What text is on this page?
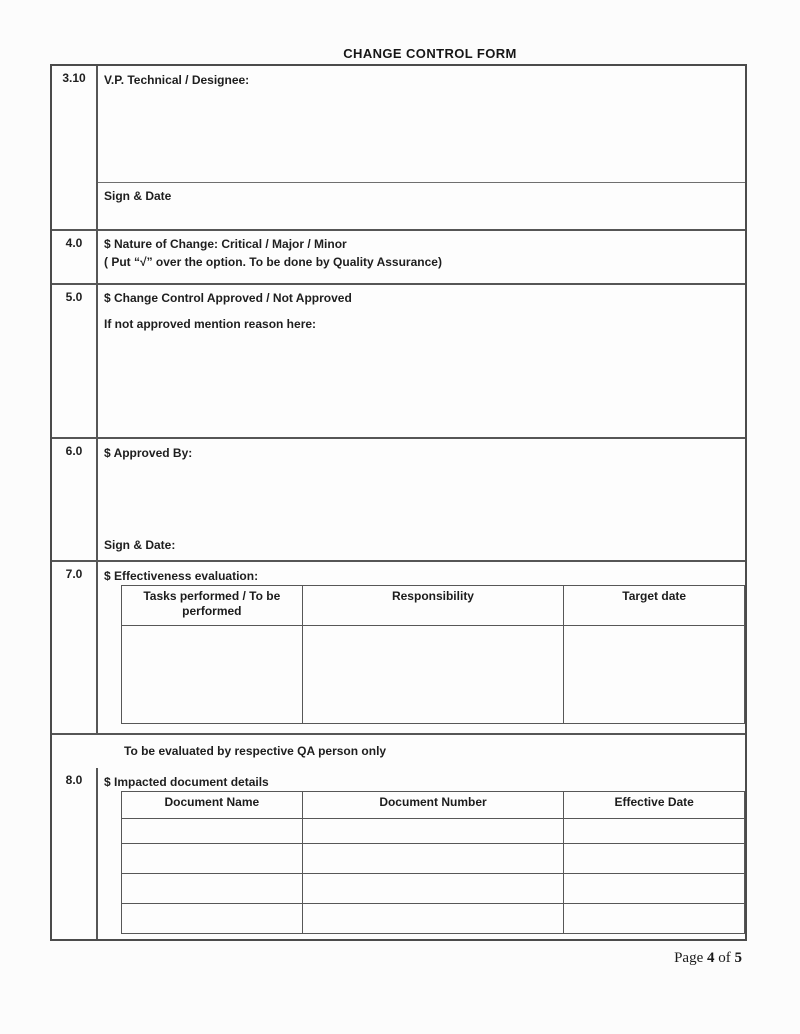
CHANGE CONTROL FORM
3.10	V.P. Technical / Designee:
Sign & Date
4.0	$ Nature of Change: Critical / Major / Minor
( Put “√” over the option. To be done by Quality Assurance)
5.0	$ Change Control Approved / Not Approved
If not approved mention reason here:
6.0	$ Approved By:
Sign & Date:
7.0	$ Effectiveness evaluation:
Tasks performed / To be performed	Responsibility	Target date

To be evaluated by respective QA person only
8.0	$ Impacted document details
Document Name	Document Number	Effective Date

Page 4 of 5
